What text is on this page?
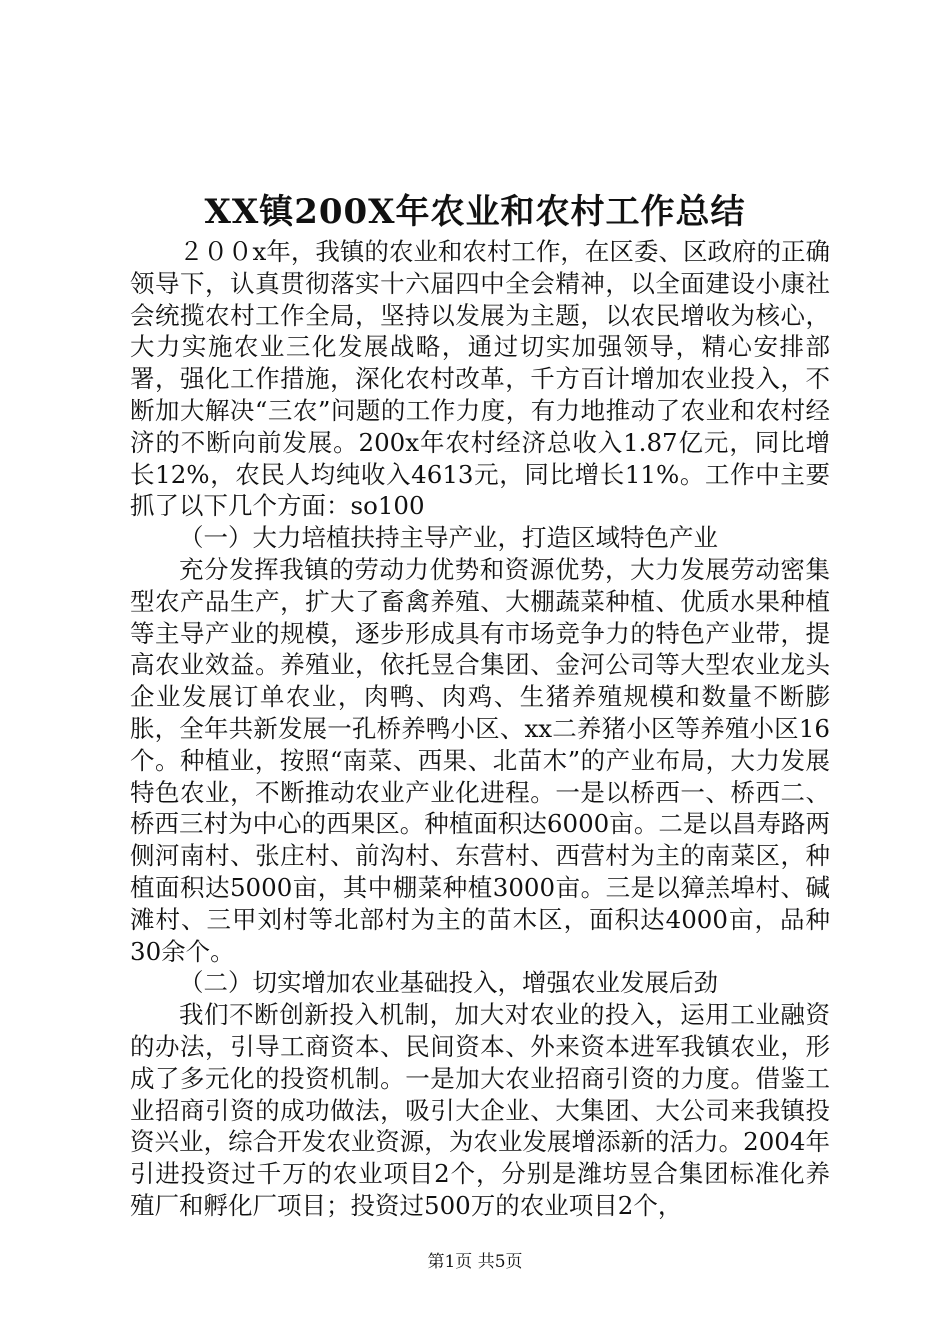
XX镇200X年农业和农村工作总结

２００x年，我镇的农业和农村工作，在区委、区政府的正确领导下，认真贯彻落实十六届四中全会精神，以全面建设小康社会统揽农村工作全局，坚持以发展为主题，以农民增收为核心，大力实施农业三化发展战略，通过切实加强领导，精心安排部署，强化工作措施，深化农村改革，千方百计增加农业投入，不断加大解决“三农”问题的工作力度，有力地推动了农业和农村经济的不断向前发展。200x年农村经济总收入1.87亿元，同比增长12%，农民人均纯收入4613元，同比增长11%。工作中主要抓了以下几个方面：so100

（一）大力培植扶持主导产业，打造区域特色产业

充分发挥我镇的劳动力优势和资源优势，大力发展劳动密集型农产品生产，扩大了畜禽养殖、大棚蔬菜种植、优质水果种植等主导产业的规模，逐步形成具有市场竞争力的特色产业带，提高农业效益。养殖业，依托昱合集团、金河公司等大型农业龙头企业发展订单农业，肉鸭、肉鸡、生猪养殖规模和数量不断膨胀，全年共新发展一孔桥养鸭小区、xx二养猪小区等养殖小区16个。种植业，按照“南菜、西果、北苗木”的产业布局，大力发展特色农业，不断推动农业产业化进程。一是以桥西一、桥西二、桥西三村为中心的西果区。种植面积达6000亩。二是以昌寿路两侧河南村、张庄村、前沟村、东营村、西营村为主的南菜区，种植面积达5000亩，其中棚菜种植3000亩。三是以獐羔埠村、碱滩村、三甲刘村等北部村为主的苗木区，面积达4000亩，品种30余个。

（二）切实增加农业基础投入，增强农业发展后劲

我们不断创新投入机制，加大对农业的投入，运用工业融资的办法，引导工商资本、民间资本、外来资本进军我镇农业，形成了多元化的投资机制。一是加大农业招商引资的力度。借鉴工业招商引资的成功做法，吸引大企业、大集团、大公司来我镇投资兴业，综合开发农业资源，为农业发展增添新的活力。2004年引进投资过千万的农业项目2个，分别是潍坊昱合集团标准化养殖厂和孵化厂项目；投资过500万的农业项目2个，

第1页 共5页
